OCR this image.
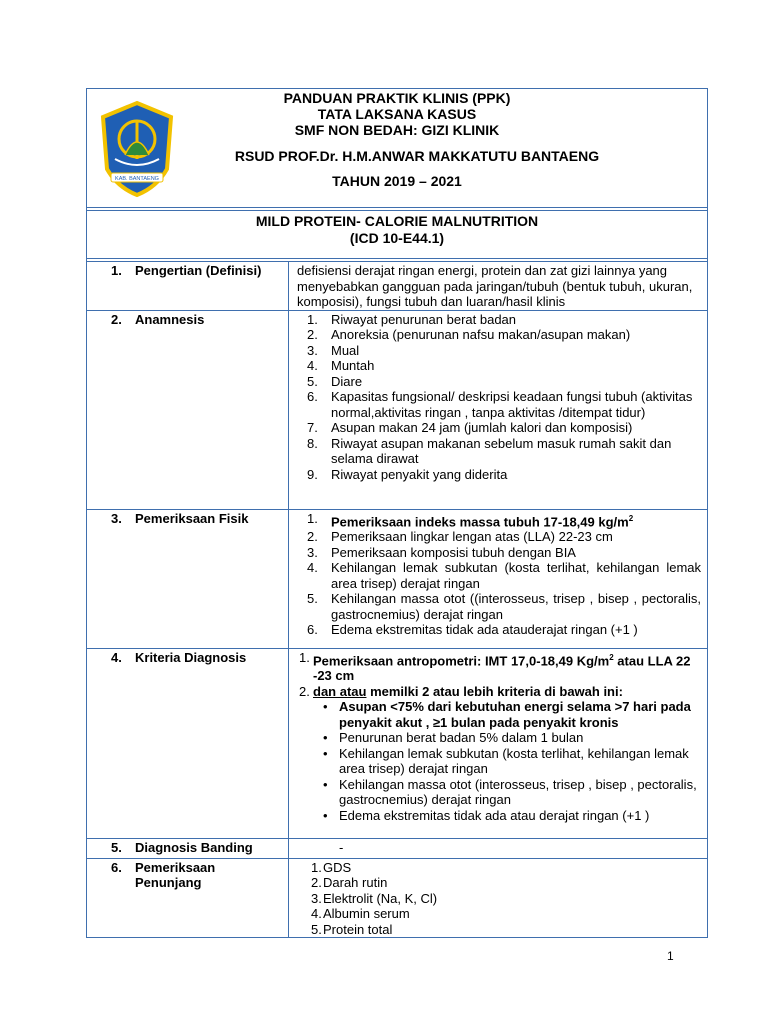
KAB. BANTAENG
PANDUAN PRAKTIK KLINIS (PPK)
TATA LAKSANA KASUS
SMF NON BEDAH: GIZI KLINIK
RSUD PROF.Dr. H.M.ANWAR MAKKATUTU BANTAENG
TAHUN 2019 – 2021
MILD PROTEIN- CALORIE MALNUTRITION
(ICD 10-E44.1)
1.	Pengertian (Definisi)	defisiensi derajat ringan energi, protein dan zat gizi lainnya yang menyebabkan gangguan pada jaringan/tubuh (bentuk tubuh, ukuran, komposisi), fungsi tubuh dan luaran/hasil klinis
2.	Anamnesis	1.	Riwayat penurunan berat badan
2.	Anoreksia (penurunan nafsu makan/asupan makan)
3.	Mual
4.	Muntah
5.	Diare
6.	Kapasitas fungsional/ deskripsi keadaan fungsi tubuh (aktivitas normal,aktivitas ringan , tanpa aktivitas /ditempat tidur)
7.	Asupan makan 24 jam (jumlah kalori dan komposisi)
8.	Riwayat asupan makanan sebelum masuk rumah sakit dan selama dirawat
9.	Riwayat penyakit yang diderita
3.	Pemeriksaan Fisik	1.	Pemeriksaan indeks massa tubuh 17-18,49 $kg/m^2$
2.	Pemeriksaan lingkar lengan atas (LLA) 22-23 cm
3.	Pemeriksaan komposisi tubuh dengan BIA
4.	Kehilangan lemak subkutan (kosta terlihat, kehilangan lemak area trisep) derajat ringan
5.	Kehilangan massa otot ((interosseus, trisep , bisep , pectoralis, gastrocnemius) derajat ringan
6.	Edema ekstremitas tidak ada atauderajat ringan (+1 )
4.	Kriteria Diagnosis	1. Pemeriksaan antropometri: IMT 17,0-18,49 $Kg/m^2$ atau LLA 22 -23 cm
2. dan atau memilki 2 atau lebih kriteria di bawah ini:
• Asupan <75% dari kebutuhan energi selama >7 hari pada penyakit akut , ≥1 bulan pada penyakit kronis
• Penurunan berat badan 5% dalam 1 bulan
• Kehilangan lemak subkutan (kosta terlihat, kehilangan lemak area trisep) derajat ringan
• Kehilangan massa otot (interosseus, trisep , bisep , pectoralis, gastrocnemius) derajat ringan
• Edema ekstremitas tidak ada atau derajat ringan (+1 )
5.	Diagnosis Banding	-
6.	Pemeriksaan Penunjang
1. GDS
2. Darah rutin
3. Elektrolit (Na, K, Cl)
4. Albumin serum
5. Protein total
1
